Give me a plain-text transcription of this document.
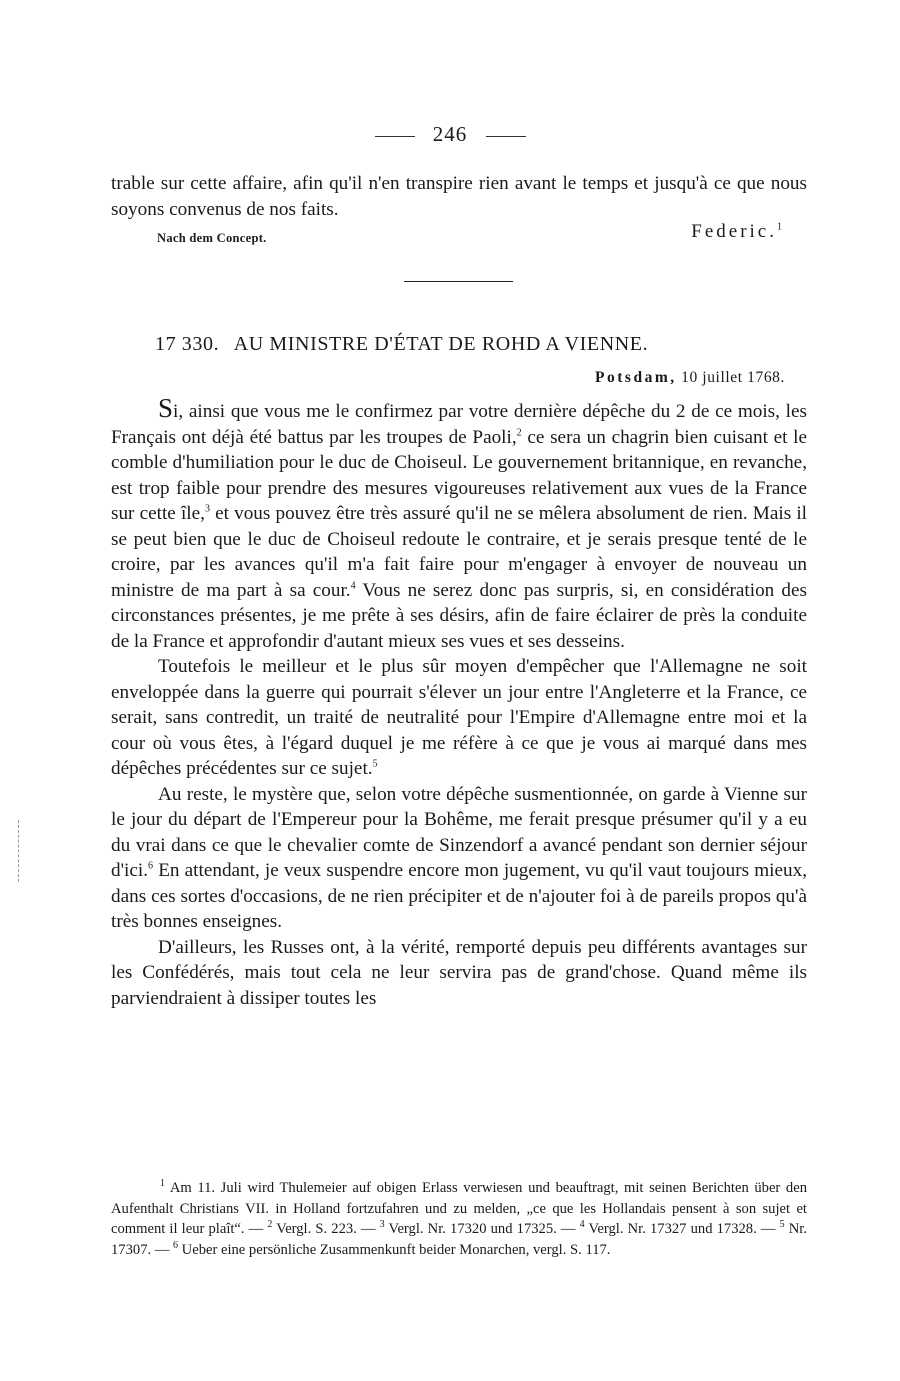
246

trable sur cette affaire, afin qu'il n'en transpire rien avant le temps et jusqu'à ce que nous soyons convenus de nos faits.

Nach dem Concept.	Federic.$^1$
17 330. AU MINISTRE D'ÉTAT DE ROHD A VIENNE.
Potsdam, 10 juillet 1768.

Si, ainsi que vous me le confirmez par votre dernière dépêche du 2 de ce mois, les Français ont déjà été battus par les troupes de Paoli,$^2$ ce sera un chagrin bien cuisant et le comble d'humiliation pour le duc de Choiseul. Le gouvernement britannique, en revanche, est trop faible pour prendre des mesures vigoureuses relativement aux vues de la France sur cette île,$^3$ et vous pouvez être très assuré qu'il ne se mêlera absolument de rien. Mais il se peut bien que le duc de Choiseul redoute le contraire, et je serais presque tenté de le croire, par les avances qu'il m'a fait faire pour m'engager à envoyer de nouveau un ministre de ma part à sa cour.$^4$ Vous ne serez donc pas surpris, si, en considération des circonstances présentes, je me prête à ses désirs, afin de faire éclairer de près la conduite de la France et approfondir d'autant mieux ses vues et ses desseins.

Toutefois le meilleur et le plus sûr moyen d'empêcher que l'Allemagne ne soit enveloppée dans la guerre qui pourrait s'élever un jour entre l'Angleterre et la France, ce serait, sans contredit, un traité de neutralité pour l'Empire d'Allemagne entre moi et la cour où vous êtes, à l'égard duquel je me réfère à ce que je vous ai marqué dans mes dépêches précédentes sur ce sujet.$^5$

Au reste, le mystère que, selon votre dépêche susmentionnée, on garde à Vienne sur le jour du départ de l'Empereur pour la Bohême, me ferait presque présumer qu'il y a eu du vrai dans ce que le chevalier comte de Sinzendorf a avancé pendant son dernier séjour d'ici.$^6$ En attendant, je veux suspendre encore mon jugement, vu qu'il vaut toujours mieux, dans ces sortes d'occasions, de ne rien précipiter et de n'ajouter foi à de pareils propos qu'à très bonnes enseignes.

D'ailleurs, les Russes ont, à la vérité, remporté depuis peu différents avantages sur les Confédérés, mais tout cela ne leur servira pas de grand'chose. Quand même ils parviendraient à dissiper toutes les

$^1$ Am 11. Juli wird Thulemeier auf obigen Erlass verwiesen und beauftragt, mit seinen Berichten über den Aufenthalt Christians VII. in Holland fortzufahren und zu melden, „ce que les Hollandais pensent à son sujet et comment il leur plaît“. — $^2$ Vergl. S. 223. — $^3$ Vergl. Nr. 17320 und 17325. — $^4$ Vergl. Nr. 17327 und 17328. — $^5$ Nr. 17307. — $^6$ Ueber eine persönliche Zusammenkunft beider Monarchen, vergl. S. 117.
